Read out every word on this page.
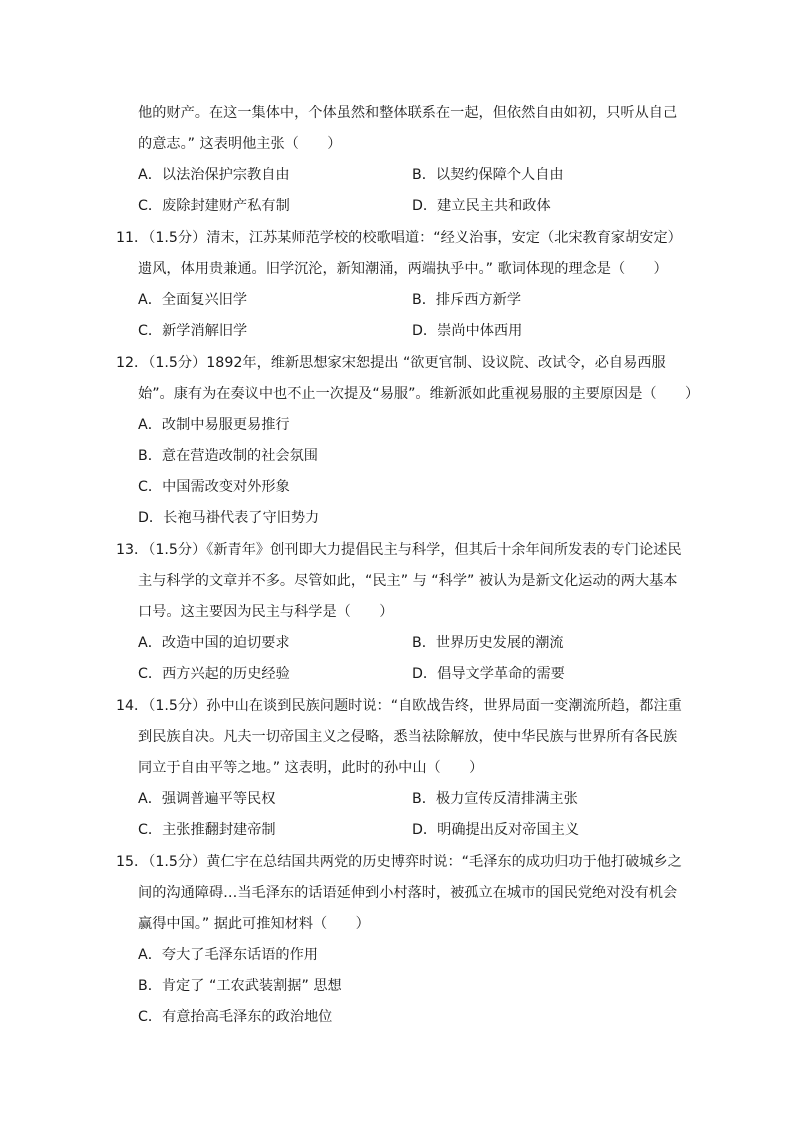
他的财产。在这一集体中，个体虽然和整体联系在一起，但依然自由如初，只听从自己
的意志。” 这表明他主张（　　）
A．以法治保护宗教自由	B．以契约保障个人自由
C．废除封建财产私有制	D．建立民主共和政体
11．（1.5分）清末，江苏某师范学校的校歌唱道：“经义治事，安定（北宋教育家胡安定）
遗风，体用贵兼通。旧学沉沦，新知潮涌，两端执乎中。” 歌词体现的理念是（　　）
A．全面复兴旧学	B．排斥西方新学
C．新学消解旧学	D．崇尚中体西用
12．（1.5分）1892年，维新思想家宋恕提出 “欲更官制、设议院、改试令，必自易西服
始”。康有为在奏议中也不止一次提及“易服”。维新派如此重视易服的主要原因是（　　）
A．改制中易服更易推行
B．意在营造改制的社会氛围
C．中国需改变对外形象
D．长袍马褂代表了守旧势力
13．（1.5分）《新青年》创刊即大力提倡民主与科学，但其后十余年间所发表的专门论述民
主与科学的文章并不多。尽管如此，“民主” 与 “科学” 被认为是新文化运动的两大基本
口号。这主要因为民主与科学是（　　）
A．改造中国的迫切要求	B．世界历史发展的潮流
C．西方兴起的历史经验	D．倡导文学革命的需要
14．（1.5分）孙中山在谈到民族问题时说：“自欧战告终，世界局面一变潮流所趋，都注重
到民族自决。凡夫一切帝国主义之侵略，悉当祛除解放，使中华民族与世界所有各民族
同立于自由平等之地。” 这表明，此时的孙中山（　　）
A．强调普遍平等民权	B．极力宣传反清排满主张
C．主张推翻封建帝制	D．明确提出反对帝国主义
15．（1.5分）黄仁宇在总结国共两党的历史博弈时说：“毛泽东的成功归功于他打破城乡之
间的沟通障碍…当毛泽东的话语延伸到小村落时，被孤立在城市的国民党绝对没有机会
赢得中国。” 据此可推知材料（　　）
A．夸大了毛泽东话语的作用
B．肯定了 “工农武装割据” 思想
C．有意抬高毛泽东的政治地位
